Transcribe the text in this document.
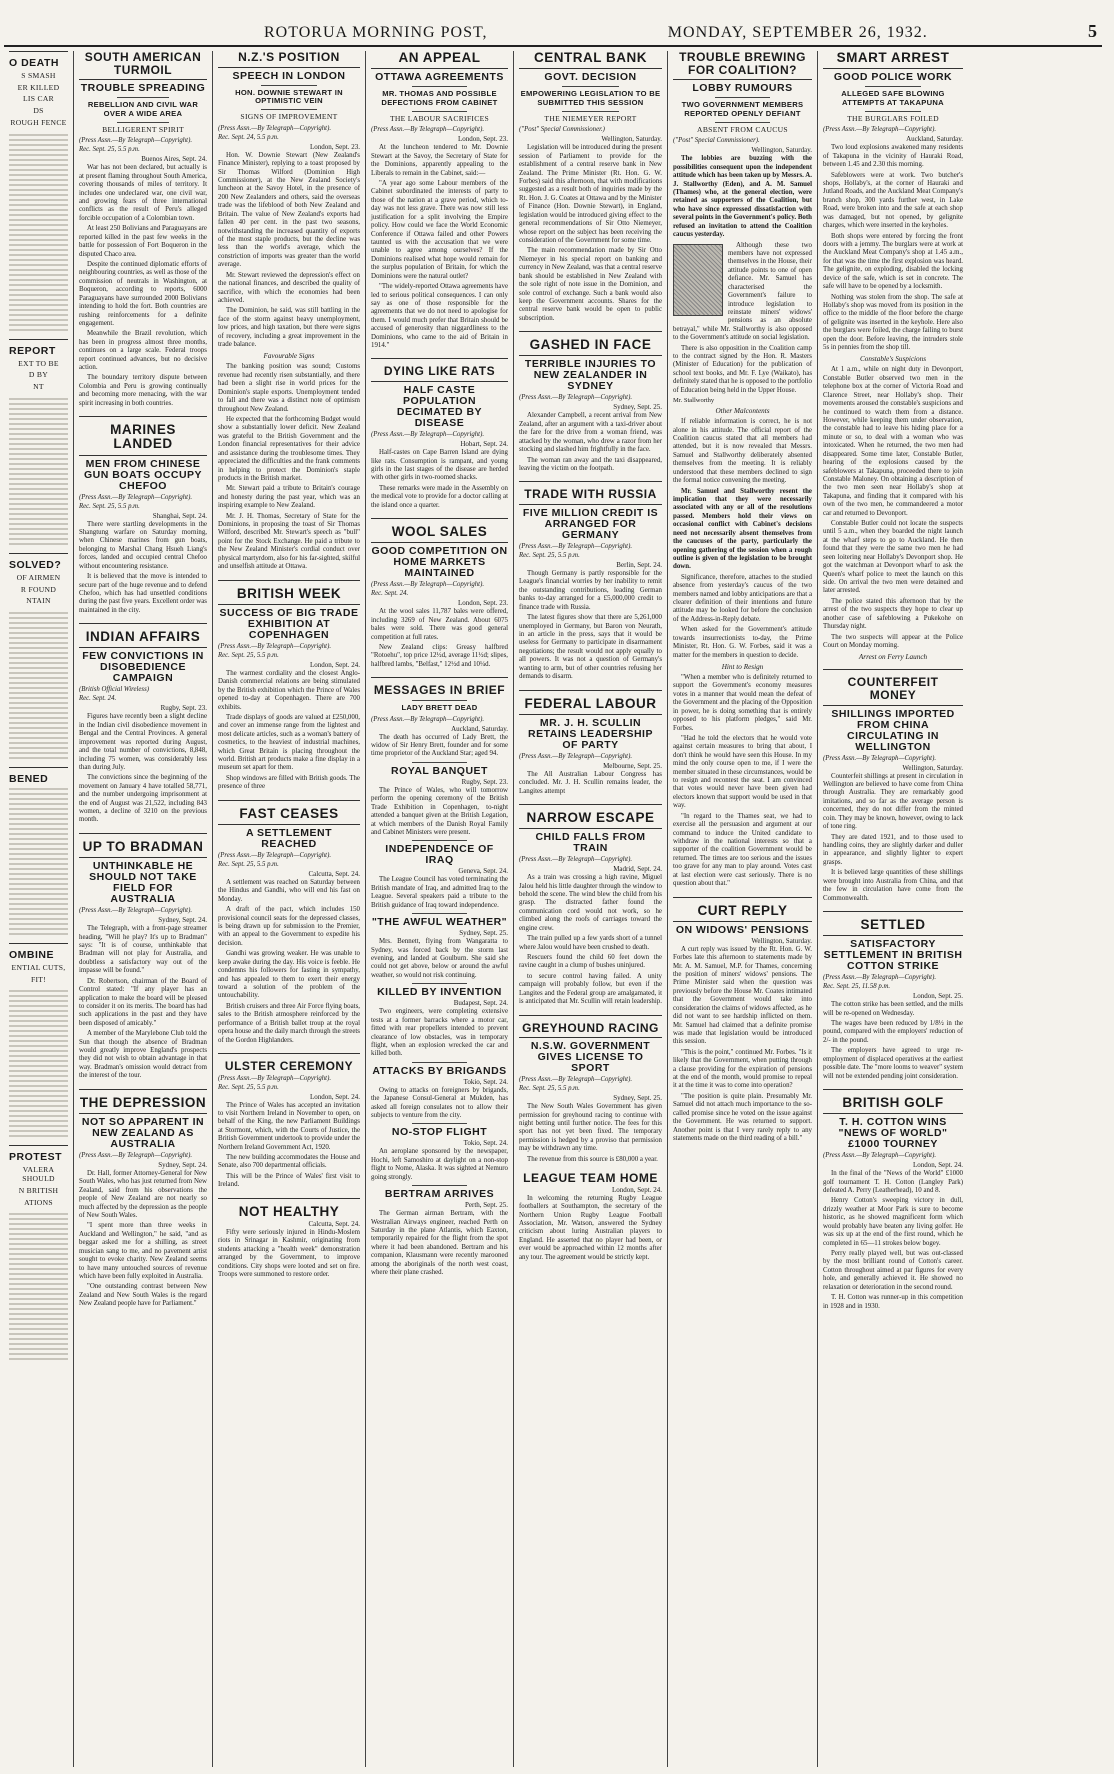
ROTORUA MORNING POST,	MONDAY, SEPTEMBER 26, 1932.	5
O DEATH
S SMASH
ER KILLED
LIS CAR
DS
ROUGH FENCE
REPORT
EXT TO BE
D BY
NT
SOLVED?
OF AIRMEN
R FOUND
NTAIN
BENED
OMBINE
ENTIAL CUTS,
FIT!
PROTEST
VALERA SHOULD
N BRITISH
ATIONS
SOUTH AMERICAN TURMOIL
TROUBLE SPREADING
REBELLION AND CIVIL WAR OVER A WIDE AREA
BELLIGERENT SPIRIT
(Press Assn.—By Telegraph—Copyright).
Rec. Sept. 25, 5.5 p.m.
Buenos Aires, Sept. 24.

War has not been declared, but actually is at present flaming throughout South America, covering thousands of miles of territory. It includes one undeclared war, one civil war, and growing fears of three international conflicts as the result of Peru's alleged forcible occupation of a Colombian town.

At least 250 Bolivians and Paraguayans are reported killed in the past few weeks in the battle for possession of Fort Boqueron in the disputed Chaco area.

Despite the continued diplomatic efforts of neighbouring countries, as well as those of the commission of neutrals in Washington, at Boqueron, according to reports, 6000 Paraguayans have surrounded 2000 Bolivians intending to hold the fort. Both countries are rushing reinforcements for a definite engagement.

Meanwhile the Brazil revolution, which has been in progress almost three months, continues on a large scale. Federal troops report continued advances, but no decisive action.

The boundary territory dispute between Colombia and Peru is growing continually and becoming more menacing, with the war spirit increasing in both countries.

MARINES LANDED
MEN FROM CHINESE GUN BOATS OCCUPY CHEFOO
(Press Assn.—By Telegraph—Copyright).
Rec. Sept. 25, 5.5 p.m.
Shanghai, Sept. 24.

There were startling developments in the Shangtung warfare on Saturday morning, when Chinese marines from gun boats, belonging to Marshal Chang Hsueh Liang's forces, landed and occupied central Chefoo without encountering resistance.

It is believed that the move is intended to secure part of the huge revenue and to defend Chefoo, which has had unsettled conditions during the past five years. Excellent order was maintained in the city.

INDIAN AFFAIRS
FEW CONVICTIONS IN DISOBEDIENCE CAMPAIGN
(British Official Wireless)
Rec. Sept. 24.
Rugby, Sept. 23.

Figures have recently been a slight decline in the Indian civil disobedience movement in Bengal and the Central Provinces. A general improvement was reported during August, and the total number of convictions, 8,848, including 75 women, was considerably less than during July.

The convictions since the beginning of the movement on January 4 have totalled 58,771, and the number undergoing imprisonment at the end of August was 21,522, including 843 women, a decline of 3210 on the previous month.

UP TO BRADMAN
UNTHINKABLE HE SHOULD NOT TAKE FIELD FOR AUSTRALIA
(Press Assn.—By Telegraph—Copyright).
Sydney, Sept. 24.

The Telegraph, with a front-page streamer heading, "Will he play? It's up to Bradman" says: "It is of course, unthinkable that Bradman will not play for Australia, and doubtless a satisfactory way out of the impasse will be found."

Dr. Robertson, chairman of the Board of Control stated: "If any player has an application to make the board will be pleased to consider it on its merits. The board has had such applications in the past and they have been disposed of amicably."

A member of the Marylebone Club told the Sun that though the absence of Bradman would greatly improve England's prospects they did not wish to obtain advantage in that way. Bradman's omission would detract from the interest of the tour.

THE DEPRESSION
NOT SO APPARENT IN NEW ZEALAND AS AUSTRALIA
(Press Assn.—By Telegraph—Copyright).
Sydney, Sept. 24.

Dr. Hall, former Attorney-General for New South Wales, who has just returned from New Zealand, said from his observations the people of New Zealand are not nearly so much affected by the depression as the people of New South Wales.

"I spent more than three weeks in Auckland and Wellington," he said, "and as beggar asked me for a shilling, as street musician sang to me, and no pavement artist sought to evoke charity. New Zealand seems to have many untouched sources of revenue which have been fully exploited in Australia.

"One outstanding contrast between New Zealand and New South Wales is the regard New Zealand people have for Parliament."

N.Z.'S POSITION
SPEECH IN LONDON
HON. DOWNIE STEWART IN OPTIMISTIC VEIN
SIGNS OF IMPROVEMENT
(Press Assn.—By Telegraph—Copyright).
Rec. Sept. 24, 5.5 p.m.
London, Sept. 23.

Hon. W. Downie Stewart (New Zealand's Finance Minister), replying to a toast proposed by Sir Thomas Wilford (Dominion High Commissioner), at the New Zealand Society's luncheon at the Savoy Hotel, in the presence of 200 New Zealanders and others, said the overseas trade was the lifeblood of both New Zealand and Britain. The value of New Zealand's exports had fallen 40 per cent. in the past two seasons, notwithstanding the increased quantity of exports of the most staple products, but the decline was less than the world's average, which the constriction of imports was greater than the world average.

Mr. Stewart reviewed the depression's effect on the national finances, and described the quality of sacrifice, with which the economies had been achieved.

The Dominion, he said, was still battling in the face of the storm against heavy unemployment, low prices, and high taxation, but there were signs of recovery, including a great improvement in the trade balance.

Favourable Signs

The banking position was sound; Customs revenue had recently risen substantially, and there had been a slight rise in world prices for the Dominion's staple exports. Unemployment tended to fall and there was a distinct note of optimism throughout New Zealand.

He expected that the forthcoming Budget would show a substantially lower deficit. New Zealand was grateful to the British Government and the London financial representatives for their advice and assistance during the troublesome times. They appreciated the difficulties and the frank comments in helping to protect the Dominion's staple products in the British market.

Mr. Stewart paid a tribute to Britain's courage and honesty during the past year, which was an inspiring example to New Zealand.

Mr. J. H. Thomas, Secretary of State for the Dominions, in proposing the toast of Sir Thomas Wilford, described Mr. Stewart's speech as "bull" point for the Stock Exchange. He paid a tribute to the New Zealand Minister's cordial conduct over physical martyrdom, also for his far-sighted, skilful and unselfish attitude at Ottawa.

BRITISH WEEK
SUCCESS OF BIG TRADE EXHIBITION AT COPENHAGEN
(Press Assn.—By Telegraph—Copyright).
Rec. Sept. 25, 5.5 p.m.
London, Sept. 24.

The warmest cordiality and the closest Anglo-Danish commercial relations are being stimulated by the British exhibition which the Prince of Wales opened to-day at Copenhagen. There are 700 exhibits.

Trade displays of goods are valued at £250,000, and cover an immense range from the lightest and most delicate articles, such as a woman's battery of cosmetics, to the heaviest of industrial machines, which Great Britain is placing throughout the world. British art products make a fine display in a museum set apart for them.

Shop windows are filled with British goods. The presence of three

FAST CEASES
A SETTLEMENT REACHED
(Press Assn.—By Telegraph—Copyright).
Rec. Sept. 25, 5.5 p.m.
Calcutta, Sept. 24.

A settlement was reached on Saturday between the Hindus and Gandhi, who will end his fast on Monday.

A draft of the pact, which includes 150 provisional council seats for the depressed classes, is being drawn up for submission to the Premier, with an appeal to the Government to expedite his decision.

Gandhi was growing weaker. He was unable to keep awake during the day. His voice is feeble. He condemns his followers for fasting in sympathy, and has appealed to them to exert their energy toward a solution of the problem of the untouchability.

British cruisers and three Air Force flying boats, sales to the British atmosphere reinforced by the performance of a British ballet troup at the royal opera house and the daily march through the streets of the Gordon Highlanders.

ULSTER CEREMONY
(Press Assn.—By Telegraph—Copyright).
Rec. Sept. 25, 5.5 p.m.
London, Sept. 24.

The Prince of Wales has accepted an invitation to visit Northern Ireland in November to open, on behalf of the King, the new Parliament Buildings at Stormont, which, with the Courts of Justice, the British Government undertook to provide under the Northern Ireland Government Act, 1920.

The new building accommodates the House and Senate, also 700 departmental officials.

This will be the Prince of Wales' first visit to Ireland.

NOT HEALTHY
Calcutta, Sept. 24.

Fifty were seriously injured in Hindu-Moslem riots in Srinagar in Kashmir, originating from students attacking a "health week" demonstration arranged by the Government, to improve conditions. City shops were looted and set on fire. Troops were summoned to restore order.

AN APPEAL
OTTAWA AGREEMENTS
MR. THOMAS AND POSSIBLE DEFECTIONS FROM CABINET
THE LABOUR SACRIFICES
(Press Assn.—By Telegraph—Copyright).
London, Sept. 23.

At the luncheon tendered to Mr. Downie Stewart at the Savoy, the Secretary of State for the Dominions, apparently appealing to the Liberals to remain in the Cabinet, said:—

"A year ago some Labour members of the Cabinet subordinated the interests of party to those of the nation at a grave period, which to-day was not less grave. There was now still less justification for a split involving the Empire policy. How could we face the World Economic Conference if Ottawa failed and other Powers taunted us with the accusation that we were unable to agree among ourselves? If the Dominions realised what hope would remain for the surplus population of Britain, for which the Dominions were the natural outlet?

"The widely-reported Ottawa agreements have led to serious political consequences. I can only say as one of those responsible for the agreements that we do not need to apologise for them. I would much prefer that Britain should be accused of generosity than niggardliness to the Dominions, who came to the aid of Britain in 1914."

DYING LIKE RATS
HALF CASTE POPULATION DECIMATED BY DISEASE
(Press Assn.—By Telegraph—Copyright).
Hobart, Sept. 24.

Half-castes on Cape Barren Island are dying like rats. Consumption is rampant, and young girls in the last stages of the disease are herded with other girls in two-roomed shacks.

These remarks were made in the Assembly on the medical vote to provide for a doctor calling at the island once a quarter.

WOOL SALES
GOOD COMPETITION ON HOME MARKETS MAINTAINED
(Press Assn.—By Telegraph—Copyright).
Rec. Sept. 24.
London, Sept. 23.

At the wool sales 11,787 bales were offered, including 3269 of New Zealand. About 6075 bales were sold. There was good general competition at full rates.

New Zealand clips: Greasy halfbred "Rotoehu", top price 12½d, average 11½d; slipes, halfbred lambs, "Belfast," 12½d and 10¼d.

MESSAGES IN BRIEF
LADY BRETT DEAD
(Press Assn.—By Telegraph—Copyright).
Auckland, Saturday.

The death has occurred of Lady Brett, the widow of Sir Henry Brett, founder and for some time proprietor of the Auckland Star; aged 94.

ROYAL BANQUET
Rugby, Sept. 23.

The Prince of Wales, who will tomorrow perform the opening ceremony of the British Trade Exhibition in Copenhagen, to-night attended a banquet given at the British Legation, at which members of the Danish Royal Family and Cabinet Ministers were present.

INDEPENDENCE OF IRAQ
Geneva, Sept. 24.

The League Council has voted terminating the British mandate of Iraq, and admitted Iraq to the League. Several speakers paid a tribute to the British guidance of Iraq toward independence.

"THE AWFUL WEATHER"
Sydney, Sept. 25.

Mrs. Bennett, flying from Wangaratta to Sydney, was forced back by the storm last evening, and landed at Goulburn. She said she could not get above, below or around the awful weather, so would not risk continuing.

KILLED BY INVENTION
Budapest, Sept. 24.

Two engineers, were completing extensive tests at a former barracks where a motor car, fitted with rear propellers intended to prevent clearance of low obstacles, was in temporary flight, when an explosion wrecked the car and killed both.

ATTACKS BY BRIGANDS
Tokio, Sept. 24.

Owing to attacks on foreigners by brigands, the Japanese Consul-General at Mukden, has asked all foreign consulates not to allow their subjects to venture from the city.

NO-STOP FLIGHT
Tokio, Sept. 24.

An aeroplane sponsored by the newspaper, Hochi, left Samoshiro at daylight on a non-stop flight to Nome, Alaska. It was sighted at Nemuro going strongly.

BERTRAM ARRIVES
Perth, Sept. 25.

The German airman Bertram, with the Westralian Airways engineer, reached Perth on Saturday in the plane Atlantis, which Eaxton, temporarily repaired for the flight from the spot where it had been abandoned. Bertram and his companion, Klausmann were recently marooned among the aboriginals of the north west coast, where their plane crashed.

CENTRAL BANK
GOVT. DECISION
EMPOWERING LEGISLATION TO BE SUBMITTED THIS SESSION
THE NIEMEYER REPORT
("Post" Special Commissioner.)
Wellington, Saturday.

Legislation will be introduced during the present session of Parliament to provide for the establishment of a central reserve bank in New Zealand. The Prime Minister (Rt. Hon. G. W. Forbes) said this afternoon, that with modifications suggested as a result both of inquiries made by the Rt. Hon. J. G. Coates at Ottawa and by the Minister of Finance (Hon. Downie Stewart), in England, legislation would be introduced giving effect to the general recommendations of Sir Otto Niemeyer, whose report on the subject has been receiving the consideration of the Government for some time.

The main recommendation made by Sir Otto Niemeyer in his special report on banking and currency in New Zealand, was that a central reserve bank should be established in New Zealand with the sole right of note issue in the Dominion, and sole control of exchange. Such a bank would also keep the Government accounts. Shares for the central reserve bank would be open to public subscription.

GASHED IN FACE
TERRIBLE INJURIES TO NEW ZEALANDER IN SYDNEY
(Press Assn.—By Telegraph—Copyright).
Sydney, Sept. 25.

Alexander Campbell, a recent arrival from New Zealand, after an argument with a taxi-driver about the fare for the drive from a woman friend, was attacked by the woman, who drew a razor from her stocking and slashed him frightfully in the face.

The woman ran away and the taxi disappeared, leaving the victim on the footpath.

TRADE WITH RUSSIA
FIVE MILLION CREDIT IS ARRANGED FOR GERMANY
(Press Assn.—By Telegraph—Copyright).
Rec. Sept. 25, 5.5 p.m.
Berlin, Sept. 24.

Though Germany is partly responsible for the League's financial worries by her inability to remit the outstanding contributions, leading German banks to-day arranged for a £5,000,000 credit to finance trade with Russia.

The latest figures show that there are 5,261,000 unemployed in Germany, but Baron von Neurath, in an article in the press, says that it would be useless for Germany to participate in disarmament negotiations; the result would not apply equally to all powers. It was not a question of Germany's wanting to arm, but of other countries refusing her demands to disarm.

FEDERAL LABOUR
MR. J. H. SCULLIN RETAINS LEADERSHIP OF PARTY
(Press Assn.—By Telegraph—Copyright).
Melbourne, Sept. 25.

The All Australian Labour Congress has concluded. Mr. J. H. Scullin remains leader, the Langites attempt

NARROW ESCAPE
CHILD FALLS FROM TRAIN
(Press Assn.—By Telegraph—Copyright).
Madrid, Sept. 24.

As a train was crossing a high ravine, Miguel Jalou held his little daughter through the window to behold the scene. The wind blew the child from his grasp. The distracted father found the communication cord would not work, so he climbed along the roofs of carriages toward the engine crew.

The train pulled up a few yards short of a tunnel where Jalou would have been crushed to death.

Rescuers found the child 60 feet down the ravine caught in a clump of bushes uninjured.

to secure control having failed. A unity campaign will probably follow, but even if the Langites and the Federal group are amalgamated, it is anticipated that Mr. Scullin will retain leadership.

GREYHOUND RACING
N.S.W. GOVERNMENT GIVES LICENSE TO SPORT
(Press Assn.—By Telegraph—Copyright).
Rec. Sept. 25, 5.5 p.m.
Sydney, Sept. 25.

The New South Wales Government has given permission for greyhound racing to continue with night betting until further notice. The fees for this sport has not yet been fixed. The temporary permission is hedged by a proviso that permission may be withdrawn any time.

The revenue from this source is £80,000 a year.

LEAGUE TEAM HOME
London, Sept. 24.

In welcoming the returning Rugby League footballers at Southampton, the secretary of the Northern Union Rugby League Football Association, Mr. Watson, answered the Sydney criticism about luring Australian players to England. He asserted that no player had been, or ever would be approached within 12 months after any tour. The agreement would be strictly kept.

TROUBLE BREWING FOR COALITION?
LOBBY RUMOURS
TWO GOVERNMENT MEMBERS REPORTED OPENLY DEFIANT
ABSENT FROM CAUCUS
("Post" Special Commissioner).
Wellington, Saturday.

The lobbies are buzzing with the possibilities consequent upon the independent attitude which has been taken up by Messrs. A. J. Stallworthy (Eden), and A. M. Samuel (Thames) who, at the general election, were retained as supporters of the Coalition, but who have since expressed dissatisfaction with several points in the Government's policy. Both refused an invitation to attend the Coalition caucus yesterday.

Although these two members have not expressed themselves in the House, their attitude points to one of open defiance. Mr. Samuel has characterised the Government's failure to introduce legislation to reinstate miners' widows' pensions as an absolute betrayal," while Mr. Stallworthy is also opposed to the Government's attitude on social legislation.

There is also opposition in the Coalition camp to the contract signed by the Hon. R. Masters (Minister of Education) for the publication of school text books, and Mr. F. Lye (Waikato), has definitely stated that he is opposed to the portfolio of Education being held in the Upper House.

Mr. Stallworthy
Other Malcontents

If reliable information is correct, he is not alone in his attitude. The official report of the Coalition caucus stated that all members had attended, but it is now revealed that Messrs. Samuel and Stallworthy deliberately absented themselves from the meeting. It is reliably understood that these members declined to sign the formal notice convening the meeting.

Mr. Samuel and Stallworthy resent the implication that they were necessarily associated with any or all of the resolutions passed. Members hold their views on occasional conflict with Cabinet's decisions need not necessarily absent themselves from the caucuses of the party, particularly the opening gathering of the session when a rough outline is given of the legislation to be brought down.

Significance, therefore, attaches to the studied absence from yesterday's caucus of the two members named and lobby anticipations are that a clearer definition of their intentions and future attitude may be looked for before the conclusion of the Address-in-Reply debate.

When asked for the Government's attitude towards insurrectionists to-day, the Prime Minister, Rt. Hon. G. W. Forbes, said it was a matter for the members in question to decide.

Hint to Resign

"When a member who is definitely returned to support the Government's economy measures votes in a manner that would mean the defeat of the Government and the placing of the Opposition in power, he is doing something that is entirely opposed to his platform pledges," said Mr. Forbes.

"Had he told the electors that he would vote against certain measures to bring that about, I don't think he would have seen this House. In my mind the only course open to me, if I were the member situated in these circumstances, would be to resign and recontest the seat. I am convinced that votes would never have been given had electors known that support would be used in that way.

"In regard to the Thames seat, we had to exercise all the persuasion and argument at our command to induce the United candidate to withdraw in the national interests so that a supporter of the coalition Government would be returned. The times are too serious and the issues too grave for any man to play around. Votes cast at last election were cast seriously. There is no question about that."

CURT REPLY
ON WIDOWS' PENSIONS
Wellington, Saturday.

A curt reply was issued by the Rt. Hon. G. W. Forbes late this afternoon to statements made by Mr. A. M. Samuel, M.P. for Thames, concerning the position of miners' widows' pensions. The Prime Minister said when the question was previously before the House Mr. Coates intimated that the Government would take into consideration the claims of widows affected, as he did not want to see hardship inflicted on them. Mr. Samuel had claimed that a definite promise was made that legislation would be introduced this session.

"This is the point," continued Mr. Forbes. "Is it likely that the Government, when putting through a clause providing for the expiration of pensions at the end of the month, would promise to repeal it at the time it was to come into operation?

"The position is quite plain. Presumably Mr. Samuel did not attach much importance to the so-called promise since he voted on the issue against the Government. He was returned to support. Another point is that I very rarely reply to any statements made on the third reading of a bill."

SMART ARREST
GOOD POLICE WORK
ALLEGED SAFE BLOWING ATTEMPTS AT TAKAPUNA
THE BURGLARS FOILED
(Press Assn.—By Telegraph—Copyright).
Auckland, Saturday.

Two loud explosions awakened many residents of Takapuna in the vicinity of Hauraki Road, between 1.45 and 2.30 this morning.

Safeblowers were at work. Two butcher's shops, Hollaby's, at the corner of Hauraki and Jutland Roads, and the Auckland Meat Company's branch shop, 300 yards further west, in Lake Road, were broken into and the safe at each shop was damaged, but not opened, by gelignite charges, which were inserted in the keyholes.

Both shops were entered by forcing the front doors with a jemmy. The burglars were at work at the Auckland Meat Company's shop at 1.45 a.m., for that was the time the first explosion was heard. The gelignite, on exploding, disabled the locking device of the safe, which is set in concrete. The safe will have to be opened by a locksmith.

Nothing was stolen from the shop. The safe at Hollaby's shop was moved from its position in the office to the middle of the floor before the charge of gelignite was inserted in the keyhole. Here also the burglars were foiled, the charge failing to burst open the door. Before leaving, the intruders stole 5s in pennies from the shop till.

Constable's Suspicions

At 1 a.m., while on night duty in Devonport, Constable Butler observed two men in the telephone box at the corner of Victoria Road and Clarence Street, near Hollaby's shop. Their movements aroused the constable's suspicions and he continued to watch them from a distance. However, while keeping them under observation, the constable had to leave his hiding place for a minute or so, to deal with a woman who was intoxicated. When he returned, the two men had disappeared. Some time later, Constable Butler, hearing of the explosions caused by the safeblowers at Takapuna, proceeded there to join Constable Maloney. On obtaining a description of the two men seen near Hollaby's shop at Takapuna, and finding that it compared with his own of the two men, he commandeered a motor car and returned to Devonport.

Constable Butler could not locate the suspects until 5 a.m., when they boarded the night launch at the wharf steps to go to Auckland. He then found that they were the same two men he had seen loitering near Hollaby's Devonport shop. He got the watchman at Devonport wharf to ask the Queen's wharf police to meet the launch on this side. On arrival the two men were detained and later arrested.

The police stated this afternoon that by the arrest of the two suspects they hope to clear up another case of safeblowing a Pukekohe on Thursday night.

The two suspects will appear at the Police Court on Monday morning.

Arrest on Ferry Launch
COUNTERFEIT MONEY
SHILLINGS IMPORTED FROM CHINA CIRCULATING IN WELLINGTON
(Press Assn.—By Telegraph—Copyright).
Wellington, Saturday.

Counterfeit shillings at present in circulation in Wellington are believed to have come from China through Australia. They are remarkably good imitations, and so far as the average person is concerned, they do not differ from the minted coin. They may be known, however, owing to lack of tone ring.

They are dated 1921, and to those used to handling coins, they are slightly darker and duller in appearance, and slightly lighter to expert grasps.

It is believed large quantities of these shillings were brought into Australia from China, and that the few in circulation have come from the Commonwealth.

SETTLED
SATISFACTORY SETTLEMENT IN BRITISH COTTON STRIKE
(Press Assn.—By Telegraph—Copyright).
Rec. Sept. 25, 11.58 p.m.
London, Sept. 25.

The cotton strike has been settled, and the mills will be re-opened on Wednesday.

The wages have been reduced by 1/8½ in the pound, compared with the employers' reduction of 2/- in the pound.

The employers have agreed to urge re-employment of displaced operatives at the earliest possible date. The "more looms to weaver" system will not be extended pending joint consideration.

BRITISH GOLF
T. H. COTTON WINS "NEWS OF WORLD" £1000 TOURNEY
(Press Assn.—By Telegraph—Copyright).
London, Sept. 24.

In the final of the "News of the World" £1000 golf tournament T. H. Cotton (Langley Park) defeated A. Perry (Leatherhead), 10 and 8.

Henry Cotton's sweeping victory in dull, drizzly weather at Moor Park is sure to become historic, as he showed magnificent form which would probably have beaten any living golfer. He was six up at the end of the first round, which he completed in 65—11 strokes below bogey.

Perry really played well, but was out-classed by the most brilliant round of Cotton's career. Cotton throughout aimed at par figures for every hole, and generally achieved it. He showed no relaxation or deterioration in the second round.

T. H. Cotton was runner-up in this competition in 1928 and in 1930.
